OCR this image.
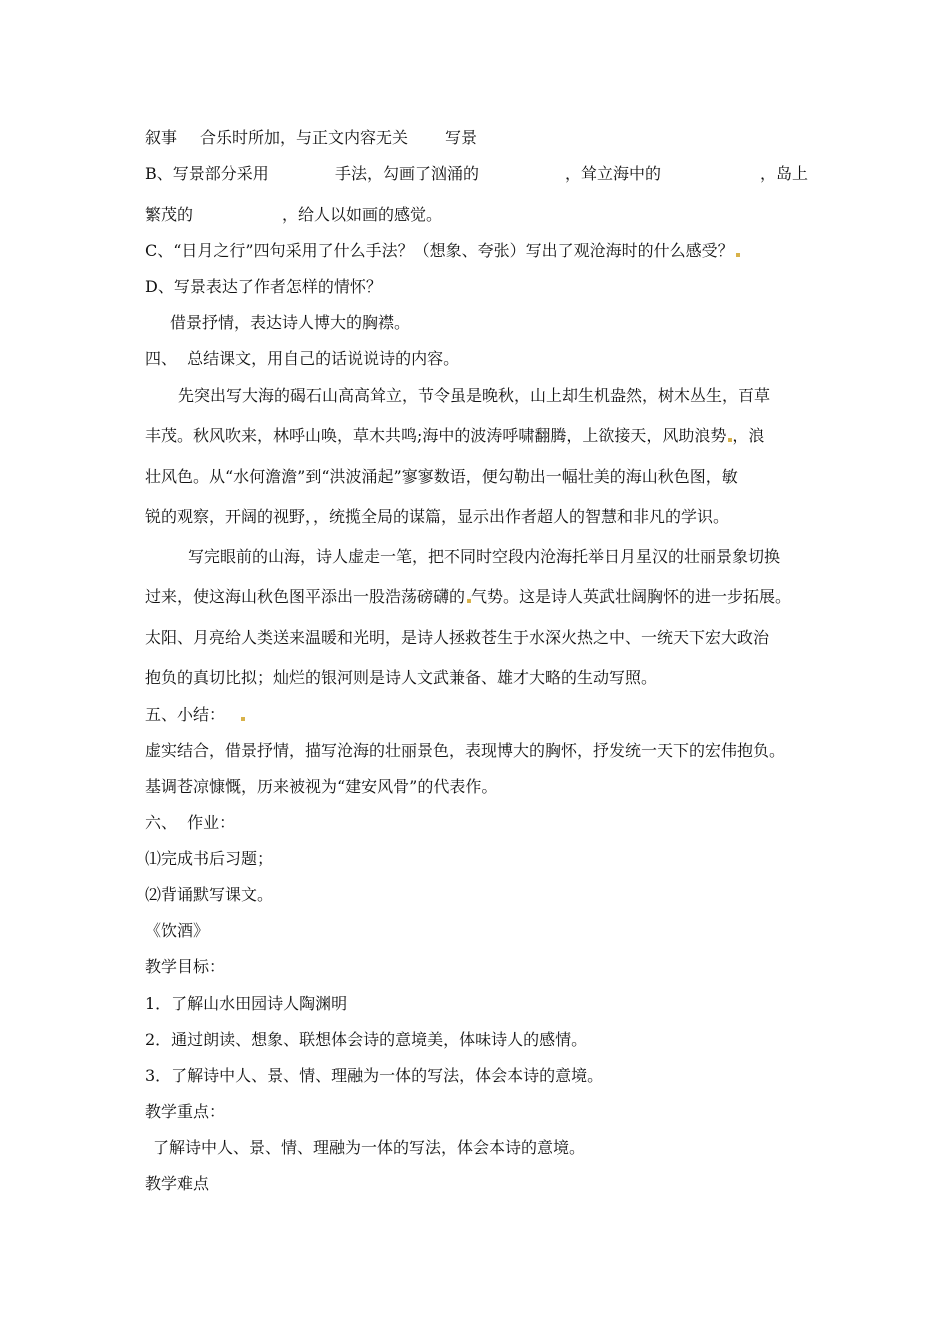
叙事 合乐时所加，与正文内容无关 写景
B、写景部分采用	手法，勾画了汹涌的	，耸立海中的	，岛上
繁茂的	，给人以如画的感觉。
C、“日月之行”四句采用了什么手法？（想象、夸张）写出了观沧海时的什么感受？
D、写景表达了作者怎样的情怀？
借景抒情，表达诗人博大的胸襟。
四、  总结课文，用自己的话说说诗的内容。
先突出写大海的碣石山高高耸立，节令虽是晚秋，山上却生机盎然，树木丛生，百草
丰茂。秋风吹来，林呼山唤，草木共鸣;海中的波涛呼啸翻腾，上欲接天，风助浪势 ，浪
壮风色。从“水何澹澹”到“洪波涌起”寥寥数语，便勾勒出一幅壮美的海山秋色图，敏
锐的观察，开阔的视野，，统揽全局的谋篇，显示出作者超人的智慧和非凡的学识。
写完眼前的山海，诗人虚走一笔，把不同时空段内沧海托举日月星汉的壮丽景象切换
过来，使这海山秋色图平添出一股浩荡磅礴的 气势。这是诗人英武壮阔胸怀的进一步拓展。
太阳、月亮给人类送来温暖和光明，是诗人拯救苍生于水深火热之中、一统天下宏大政治
抱负的真切比拟；灿烂的银河则是诗人文武兼备、雄才大略的生动写照。
五、小结：
虚实结合，借景抒情，描写沧海的壮丽景色，表现博大的胸怀，抒发统一天下的宏伟抱负。
基调苍凉慷慨，历来被视为“建安风骨”的代表作。
六、  作业：
⑴完成书后习题；
⑵背诵默写课文。
《饮酒》
教学目标：
1．了解山水田园诗人陶渊明
2．通过朗读、想象、联想体会诗的意境美，体味诗人的感情。
3．了解诗中人、景、情、理融为一体的写法，体会本诗的意境。
教学重点：
了解诗中人、景、情、理融为一体的写法，体会本诗的意境。
教学难点
